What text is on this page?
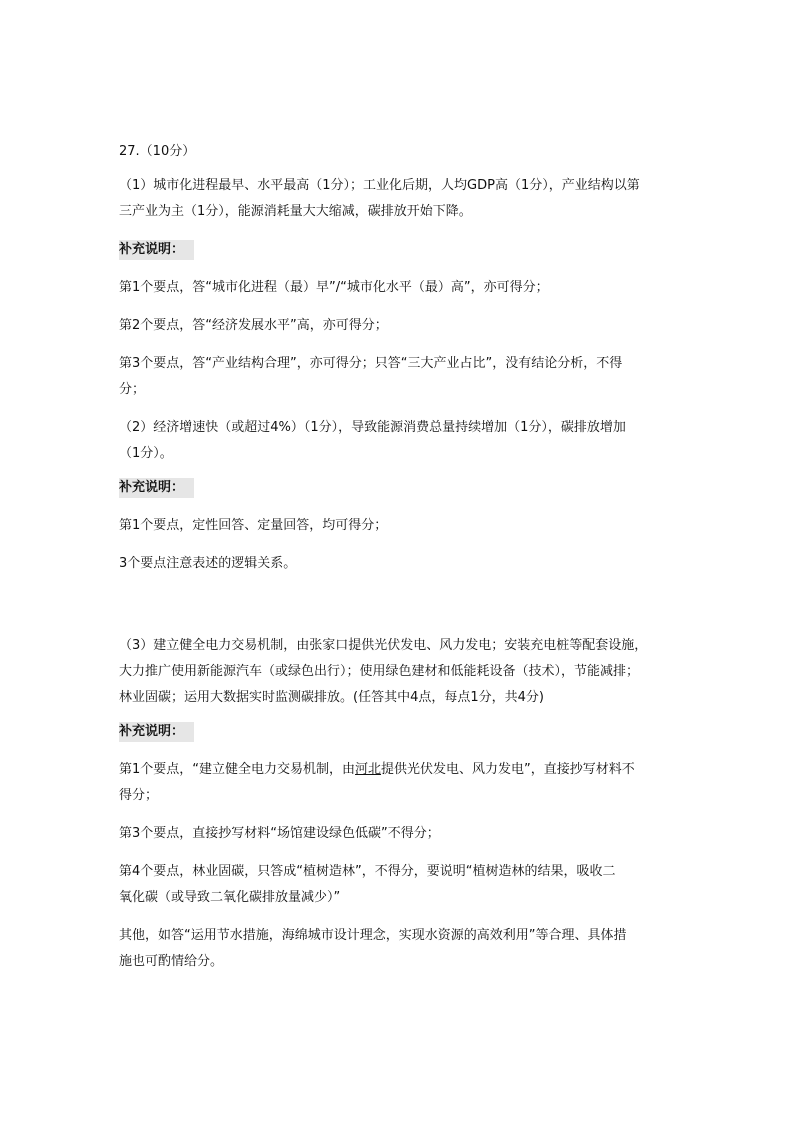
27.（10分）
（1）城市化进程最早、水平最高（1分）；工业化后期，人均GDP高（1分），产业结构以第
三产业为主（1分），能源消耗量大大缩减，碳排放开始下降。
补充说明：
第1个要点，答“城市化进程（最）早”/“城市化水平（最）高”，亦可得分；
第2个要点，答“经济发展水平”高，亦可得分；
第3个要点，答“产业结构合理”，亦可得分；只答“三大产业占比”，没有结论分析，不得
分；
（2）经济增速快（或超过4%）（1分），导致能源消费总量持续增加（1分），碳排放增加
（1分）。
补充说明：
第1个要点，定性回答、定量回答，均可得分；
3个要点注意表述的逻辑关系。
（3）建立健全电力交易机制，由张家口提供光伏发电、风力发电；安装充电桩等配套设施，
大力推广使用新能源汽车（或绿色出行）；使用绿色建材和低能耗设备（技术），节能减排；
林业固碳；运用大数据实时监测碳排放。(任答其中4点，每点1分，共4分)
补充说明：
第1个要点，“建立健全电力交易机制，由河北提供光伏发电、风力发电”，直接抄写材料不
得分；
第3个要点，直接抄写材料“场馆建设绿色低碳”不得分；
第4个要点，林业固碳，只答成“植树造林”，不得分，要说明“植树造林的结果，吸收二
氧化碳（或导致二氧化碳排放量减少）”
其他，如答“运用节水措施，海绵城市设计理念，实现水资源的高效利用”等合理、具体措
施也可酌情给分。
